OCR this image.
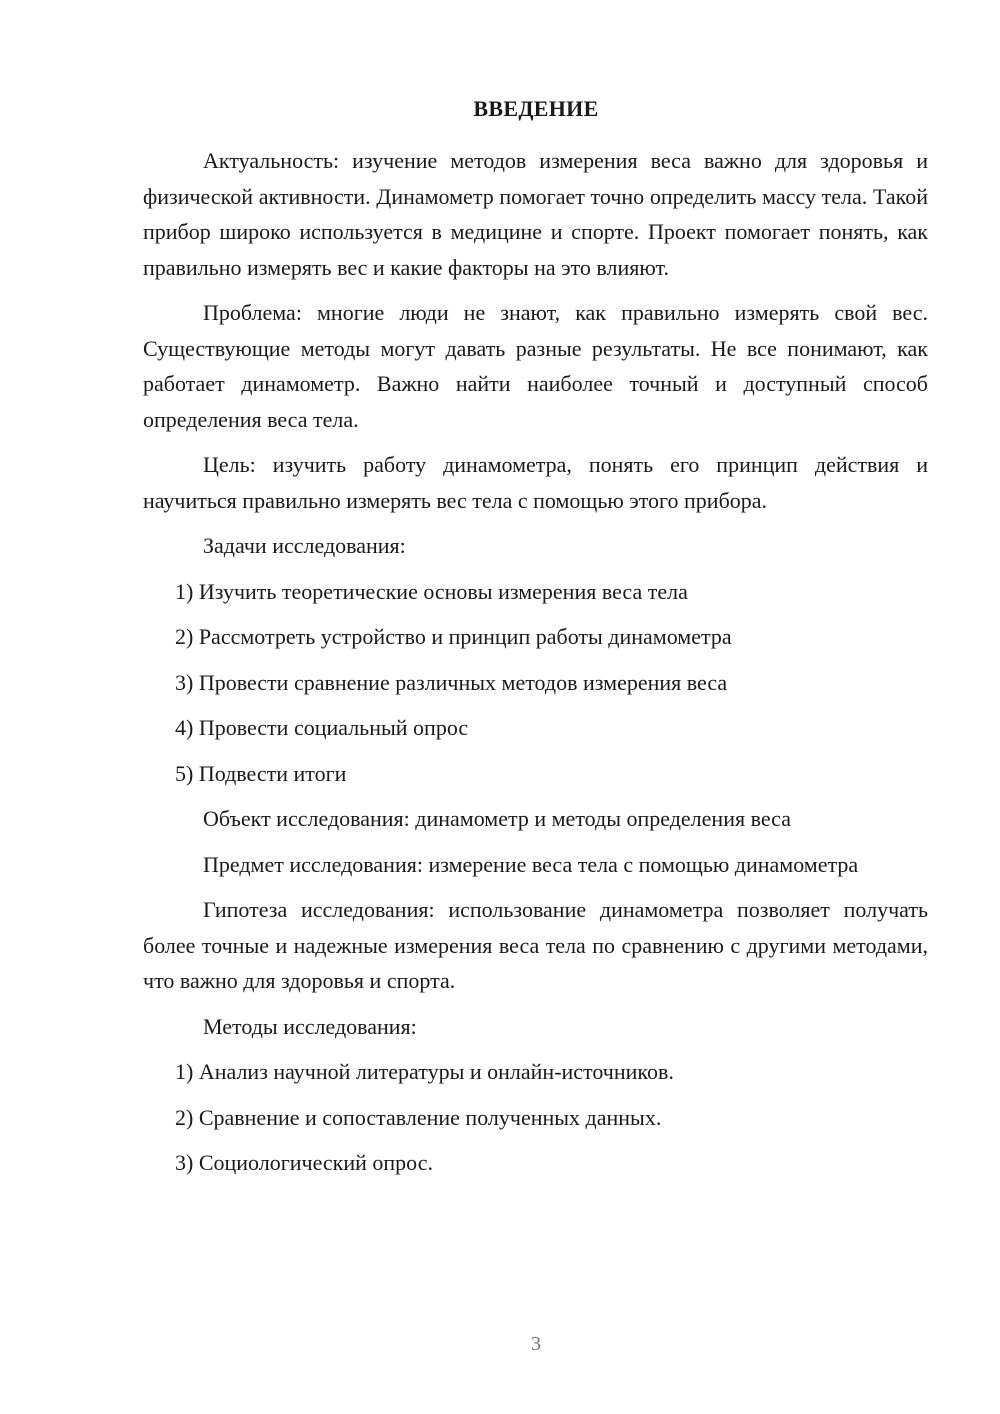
ВВЕДЕНИЕ

Актуальность: изучение методов измерения веса важно для здоровья и физической активности. Динамометр помогает точно определить массу тела. Такой прибор широко используется в медицине и спорте. Проект помогает понять, как правильно измерять вес и какие факторы на это влияют.

Проблема: многие люди не знают, как правильно измерять свой вес. Существующие методы могут давать разные результаты. Не все понимают, как работает динамометр. Важно найти наиболее точный и доступный способ определения веса тела.

Цель: изучить работу динамометра, понять его принцип действия и научиться правильно измерять вес тела с помощью этого прибора.

Задачи исследования:

1) Изучить теоретические основы измерения веса тела

2) Рассмотреть устройство и принцип работы динамометра

3) Провести сравнение различных методов измерения веса

4) Провести социальный опрос

5) Подвести итоги

Объект исследования: динамометр и методы определения веса

Предмет исследования: измерение веса тела с помощью динамометра

Гипотеза исследования: использование динамометра позволяет получать более точные и надежные измерения веса тела по сравнению с другими методами, что важно для здоровья и спорта.

Методы исследования:

1) Анализ научной литературы и онлайн-источников.

2) Сравнение и сопоставление полученных данных.

3) Социологический опрос.

3
